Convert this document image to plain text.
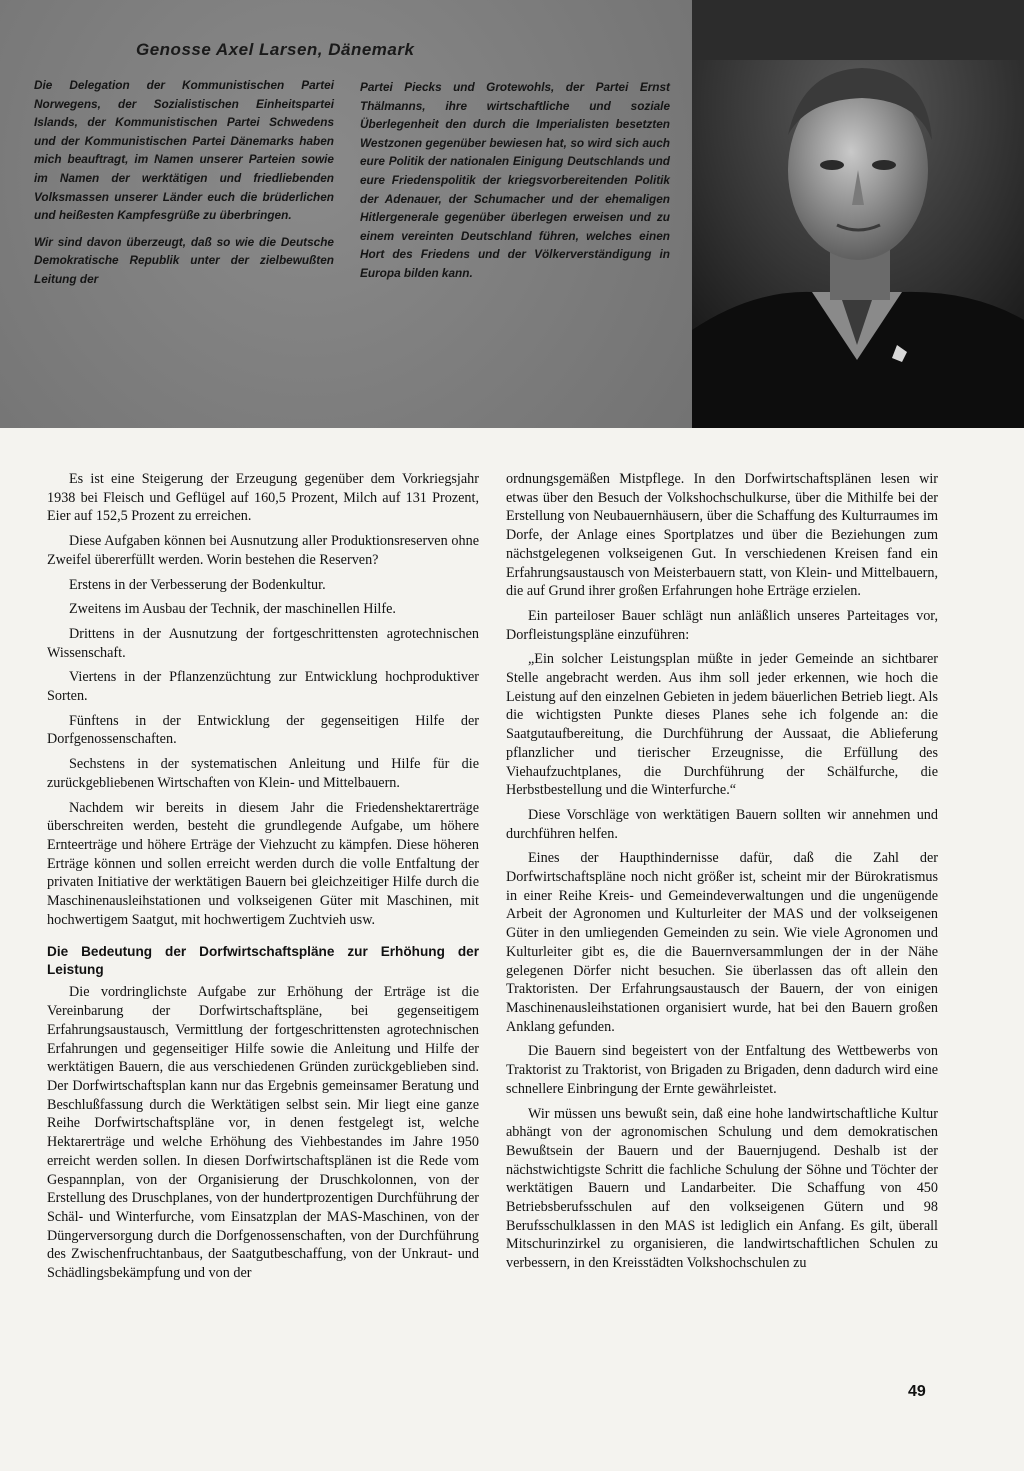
Genosse Axel Larsen, Dänemark

Die Delegation der Kommunistischen Partei Norwegens, der Sozialistischen Einheitspartei Islands, der Kommunistischen Partei Schwedens und der Kommunistischen Partei Dänemarks haben mich beauftragt, im Namen unserer Parteien sowie im Namen der werktätigen und friedliebenden Volksmassen unserer Länder euch die brüderlichen und heißesten Kampfesgrüße zu überbringen.

Wir sind davon überzeugt, daß so wie die Deutsche Demokratische Republik unter der zielbewußten Leitung der

Partei Piecks und Grotewohls, der Partei Ernst Thälmanns, ihre wirtschaftliche und soziale Überlegenheit den durch die Imperialisten besetzten Westzonen gegenüber bewiesen hat, so wird sich auch eure Politik der nationalen Einigung Deutschlands und eure Friedenspolitik der kriegsvorbereitenden Politik der Adenauer, der Schumacher und der ehemaligen Hitlergenerale gegenüber überlegen erweisen und zu einem vereinten Deutschland führen, welches einen Hort des Friedens und der Völkerverständigung in Europa bilden kann.

Es ist eine Steigerung der Erzeugung gegenüber dem Vorkriegsjahr 1938 bei Fleisch und Geflügel auf 160,5 Prozent, Milch auf 131 Prozent, Eier auf 152,5 Prozent zu erreichen.

Diese Aufgaben können bei Ausnutzung aller Produktionsreserven ohne Zweifel übererfüllt werden. Worin bestehen die Reserven?

Erstens in der Verbesserung der Bodenkultur.

Zweitens im Ausbau der Technik, der maschinellen Hilfe.

Drittens in der Ausnutzung der fortgeschrittensten agrotechnischen Wissenschaft.

Viertens in der Pflanzenzüchtung zur Entwicklung hochproduktiver Sorten.

Fünftens in der Entwicklung der gegenseitigen Hilfe der Dorfgenossenschaften.

Sechstens in der systematischen Anleitung und Hilfe für die zurückgebliebenen Wirtschaften von Klein- und Mittelbauern.

Nachdem wir bereits in diesem Jahr die Friedenshektarerträge überschreiten werden, besteht die grundlegende Aufgabe, um höhere Ernteerträge und höhere Erträge der Viehzucht zu kämpfen. Diese höheren Erträge können und sollen erreicht werden durch die volle Entfaltung der privaten Initiative der werktätigen Bauern bei gleichzeitiger Hilfe durch die Maschinenausleihstationen und volkseigenen Güter mit Maschinen, mit hochwertigem Saatgut, mit hochwertigem Zuchtvieh usw.

Die Bedeutung der Dorfwirtschaftspläne zur Erhöhung der Leistung

Die vordringlichste Aufgabe zur Erhöhung der Erträge ist die Vereinbarung der Dorfwirtschaftspläne, bei gegenseitigem Erfahrungsaustausch, Vermittlung der fortgeschrittensten agrotechnischen Erfahrungen und gegenseitiger Hilfe sowie die Anleitung und Hilfe der werktätigen Bauern, die aus verschiedenen Gründen zurückgeblieben sind. Der Dorfwirtschaftsplan kann nur das Ergebnis gemeinsamer Beratung und Beschlußfassung durch die Werktätigen selbst sein. Mir liegt eine ganze Reihe Dorfwirtschaftspläne vor, in denen festgelegt ist, welche Hektarerträge und welche Erhöhung des Viehbestandes im Jahre 1950 erreicht werden sollen. In diesen Dorfwirtschaftsplänen ist die Rede vom Gespannplan, von der Organisierung der Druschkolonnen, von der Erstellung des Druschplanes, von der hundertprozentigen Durchführung der Schäl- und Winterfurche, vom Einsatzplan der MAS-Maschinen, von der Düngerversorgung durch die Dorfgenossenschaften, von der Durchführung des Zwischenfruchtanbaus, der Saatgutbeschaffung, von der Unkraut- und Schädlingsbekämpfung und von der

ordnungsgemäßen Mistpflege. In den Dorfwirtschaftsplänen lesen wir etwas über den Besuch der Volkshochschulkurse, über die Mithilfe bei der Erstellung von Neubauernhäusern, über die Schaffung des Kulturraumes im Dorfe, der Anlage eines Sportplatzes und über die Beziehungen zum nächstgelegenen volkseigenen Gut. In verschiedenen Kreisen fand ein Erfahrungsaustausch von Meisterbauern statt, von Klein- und Mittelbauern, die auf Grund ihrer großen Erfahrungen hohe Erträge erzielen.

Ein parteiloser Bauer schlägt nun anläßlich unseres Parteitages vor, Dorfleistungspläne einzuführen:

„Ein solcher Leistungsplan müßte in jeder Gemeinde an sichtbarer Stelle angebracht werden. Aus ihm soll jeder erkennen, wie hoch die Leistung auf den einzelnen Gebieten in jedem bäuerlichen Betrieb liegt. Als die wichtigsten Punkte dieses Planes sehe ich folgende an: die Saatgutaufbereitung, die Durchführung der Aussaat, die Ablieferung pflanzlicher und tierischer Erzeugnisse, die Erfüllung des Viehaufzuchtplanes, die Durchführung der Schälfurche, die Herbstbestellung und die Winterfurche.“

Diese Vorschläge von werktätigen Bauern sollten wir annehmen und durchführen helfen.

Eines der Haupthindernisse dafür, daß die Zahl der Dorfwirtschaftspläne noch nicht größer ist, scheint mir der Bürokratismus in einer Reihe Kreis- und Gemeindeverwaltungen und die ungenügende Arbeit der Agronomen und Kulturleiter der MAS und der volkseigenen Güter in den umliegenden Gemeinden zu sein. Wie viele Agronomen und Kulturleiter gibt es, die die Bauernversammlungen der in der Nähe gelegenen Dörfer nicht besuchen. Sie überlassen das oft allein den Traktoristen. Der Erfahrungsaustausch der Bauern, der von einigen Maschinenausleihstationen organisiert wurde, hat bei den Bauern großen Anklang gefunden.

Die Bauern sind begeistert von der Entfaltung des Wettbewerbs von Traktorist zu Traktorist, von Brigaden zu Brigaden, denn dadurch wird eine schnellere Einbringung der Ernte gewährleistet.

Wir müssen uns bewußt sein, daß eine hohe landwirtschaftliche Kultur abhängt von der agronomischen Schulung und dem demokratischen Bewußtsein der Bauern und der Bauernjugend. Deshalb ist der nächstwichtigste Schritt die fachliche Schulung der Söhne und Töchter der werktätigen Bauern und Landarbeiter. Die Schaffung von 450 Betriebsberufsschulen auf den volkseigenen Gütern und 98 Berufsschulklassen in den MAS ist lediglich ein Anfang. Es gilt, überall Mitschurinzirkel zu organisieren, die landwirtschaftlichen Schulen zu verbessern, in den Kreisstädten Volkshochschulen zu

49
